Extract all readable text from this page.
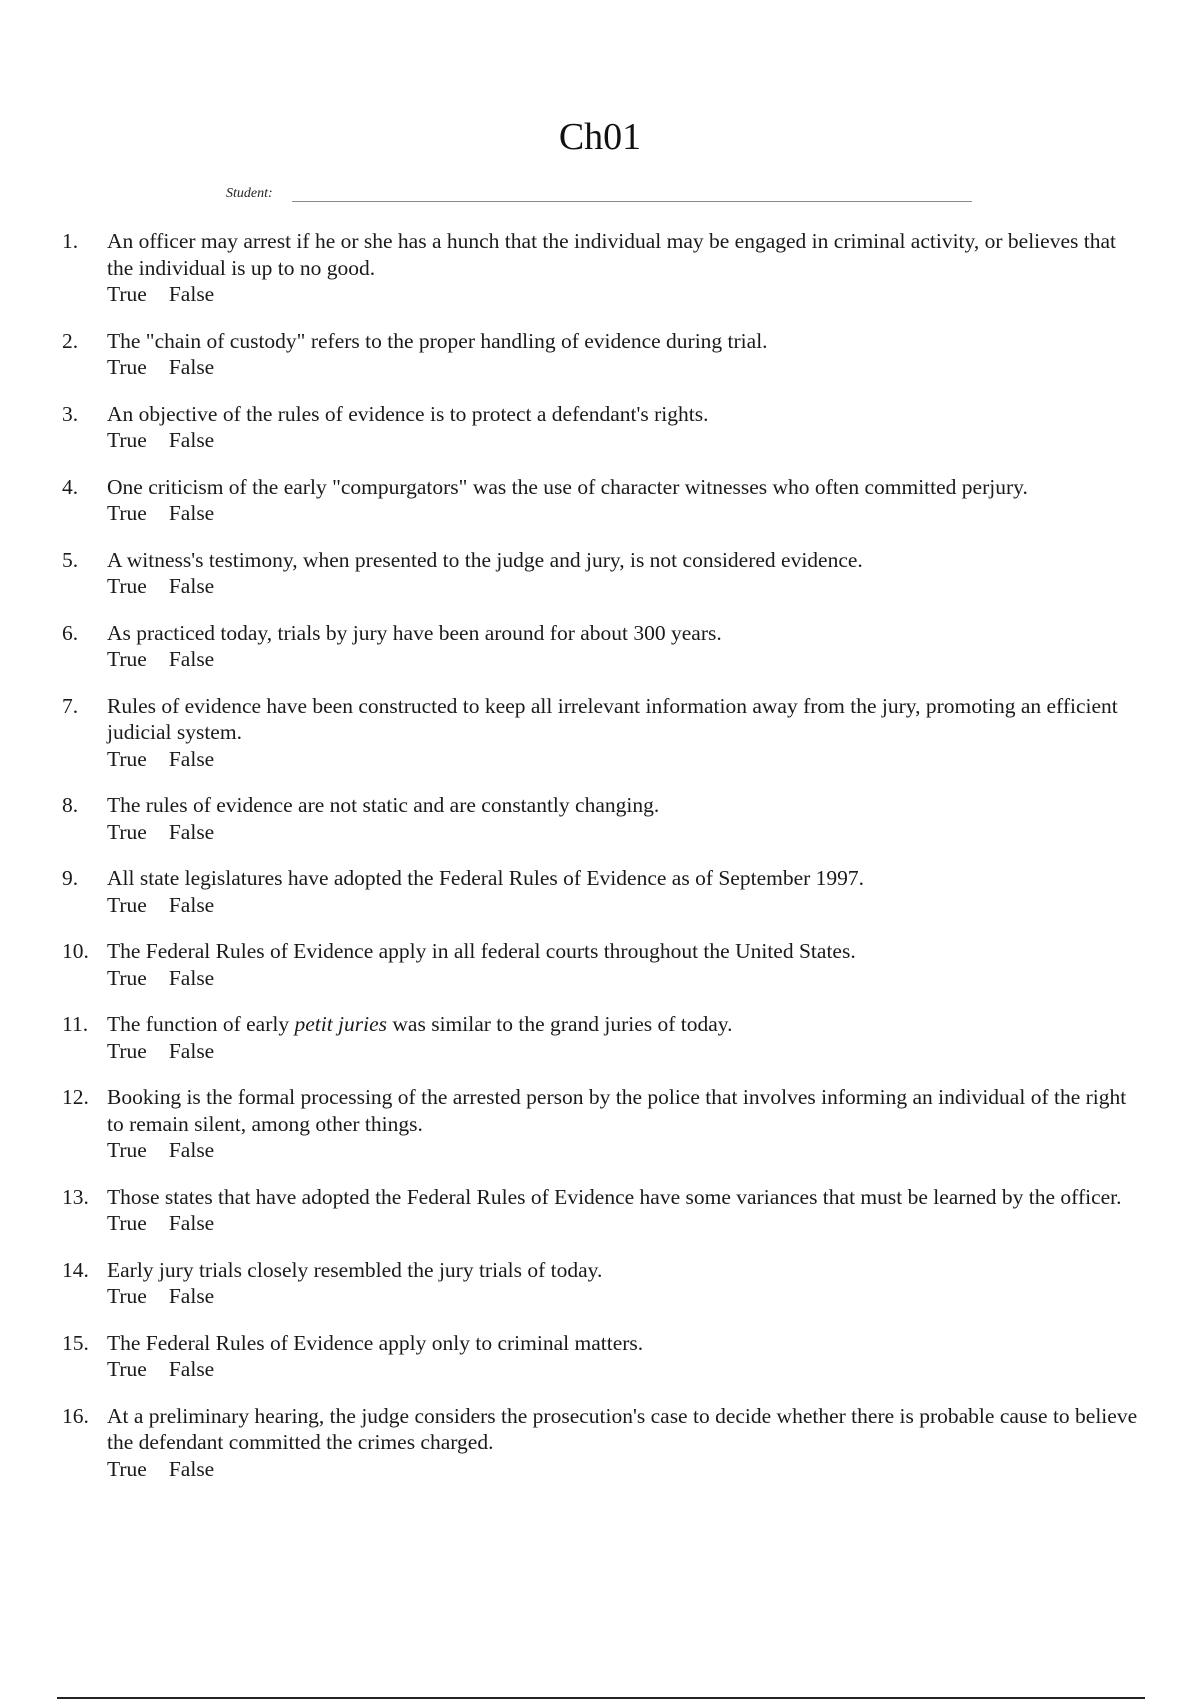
Ch01
Student:
1. An officer may arrest if he or she has a hunch that the individual may be engaged in criminal activity, or believes that the individual is up to no good.
True False
2. The "chain of custody" refers to the proper handling of evidence during trial.
True False
3. An objective of the rules of evidence is to protect a defendant's rights.
True False
4. One criticism of the early "compurgators" was the use of character witnesses who often committed perjury.
True False
5. A witness's testimony, when presented to the judge and jury, is not considered evidence.
True False
6. As practiced today, trials by jury have been around for about 300 years.
True False
7. Rules of evidence have been constructed to keep all irrelevant information away from the jury, promoting an efficient judicial system.
True False
8. The rules of evidence are not static and are constantly changing.
True False
9. All state legislatures have adopted the Federal Rules of Evidence as of September 1997.
True False
10. The Federal Rules of Evidence apply in all federal courts throughout the United States.
True False
11. The function of early petit juries was similar to the grand juries of today.
True False
12. Booking is the formal processing of the arrested person by the police that involves informing an individual of the right to remain silent, among other things.
True False
13. Those states that have adopted the Federal Rules of Evidence have some variances that must be learned by the officer.
True False
14. Early jury trials closely resembled the jury trials of today.
True False
15. The Federal Rules of Evidence apply only to criminal matters.
True False
16. At a preliminary hearing, the judge considers the prosecution's case to decide whether there is probable cause to believe the defendant committed the crimes charged.
True False
